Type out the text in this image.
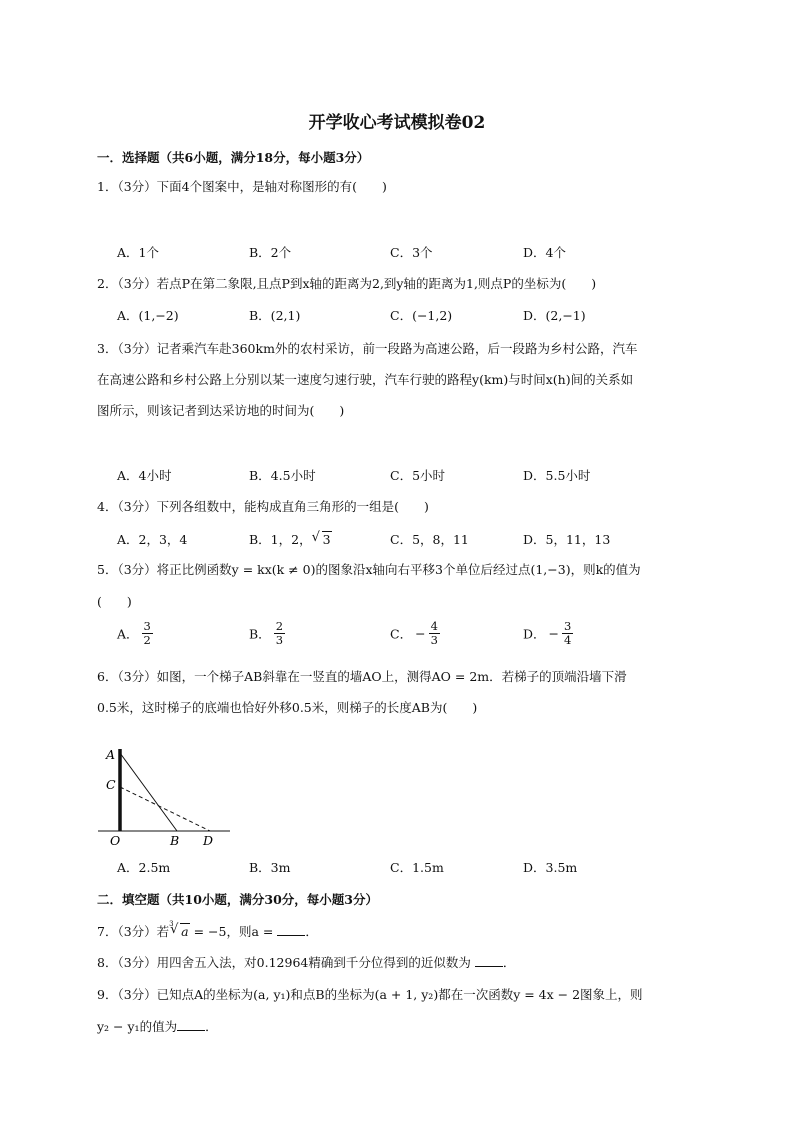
开学收心考试模拟卷02
一．选择题（共6小题，满分18分，每小题3分）
1．（3分）下面4个图案中，是轴对称图形的有(　　)
A．1个	B．2个	C．3个	D．4个
2．（3分）若点P在第二象限,且点P到x轴的距离为2,到y轴的距离为1,则点P的坐标为(　　)
A．(1,−2)	B．(2,1)	C．(−1,2)	D．(2,−1)
3．（3分）记者乘汽车赴360km外的农村采访，前一段路为高速公路，后一段路为乡村公路，汽车
在高速公路和乡村公路上分别以某一速度匀速行驶，汽车行驶的路程y(km)与时间x(h)间的关系如
图所示，则该记者到达采访地的时间为(　　)
A．4小时	B．4.5小时	C．5小时	D．5.5小时
4．（3分）下列各组数中，能构成直角三角形的一组是(　　)
A．2，3，4	B．1，2， √ 3	C．5，8，11	D．5，11，13
5．（3分）将正比例函数y = kx(k ≠ 0)的图象沿x轴向右平移3个单位后经过点(1,−3)，则k的值为
(　　)
A． $\frac{3}{2}$	B． $\frac{2}{3}$	C． − $\frac{4}{3}$	D． − $\frac{3}{4}$
6．（3分）如图，一个梯子AB斜靠在一竖直的墙AO上，测得AO = 2m．若梯子的顶端沿墙下滑
0.5米，这时梯子的底端也恰好外移0.5米，则梯子的长度AB为(　　)
A
C
O	B D
A．2.5m	B．3m	C．1.5m	D．3.5m
二．填空题（共10小题，满分30分，每小题3分）
7．（3分）若 √ 3 a = −5，则a = ．
8．（3分）用四舍五入法，对0.12964精确到千分位得到的近似数为 ．
9．（3分）已知点A的坐标为(a, y₁)和点B的坐标为(a + 1, y₂)都在一次函数y = 4x − 2图象上，则
y₂ − y₁的值为 ．
